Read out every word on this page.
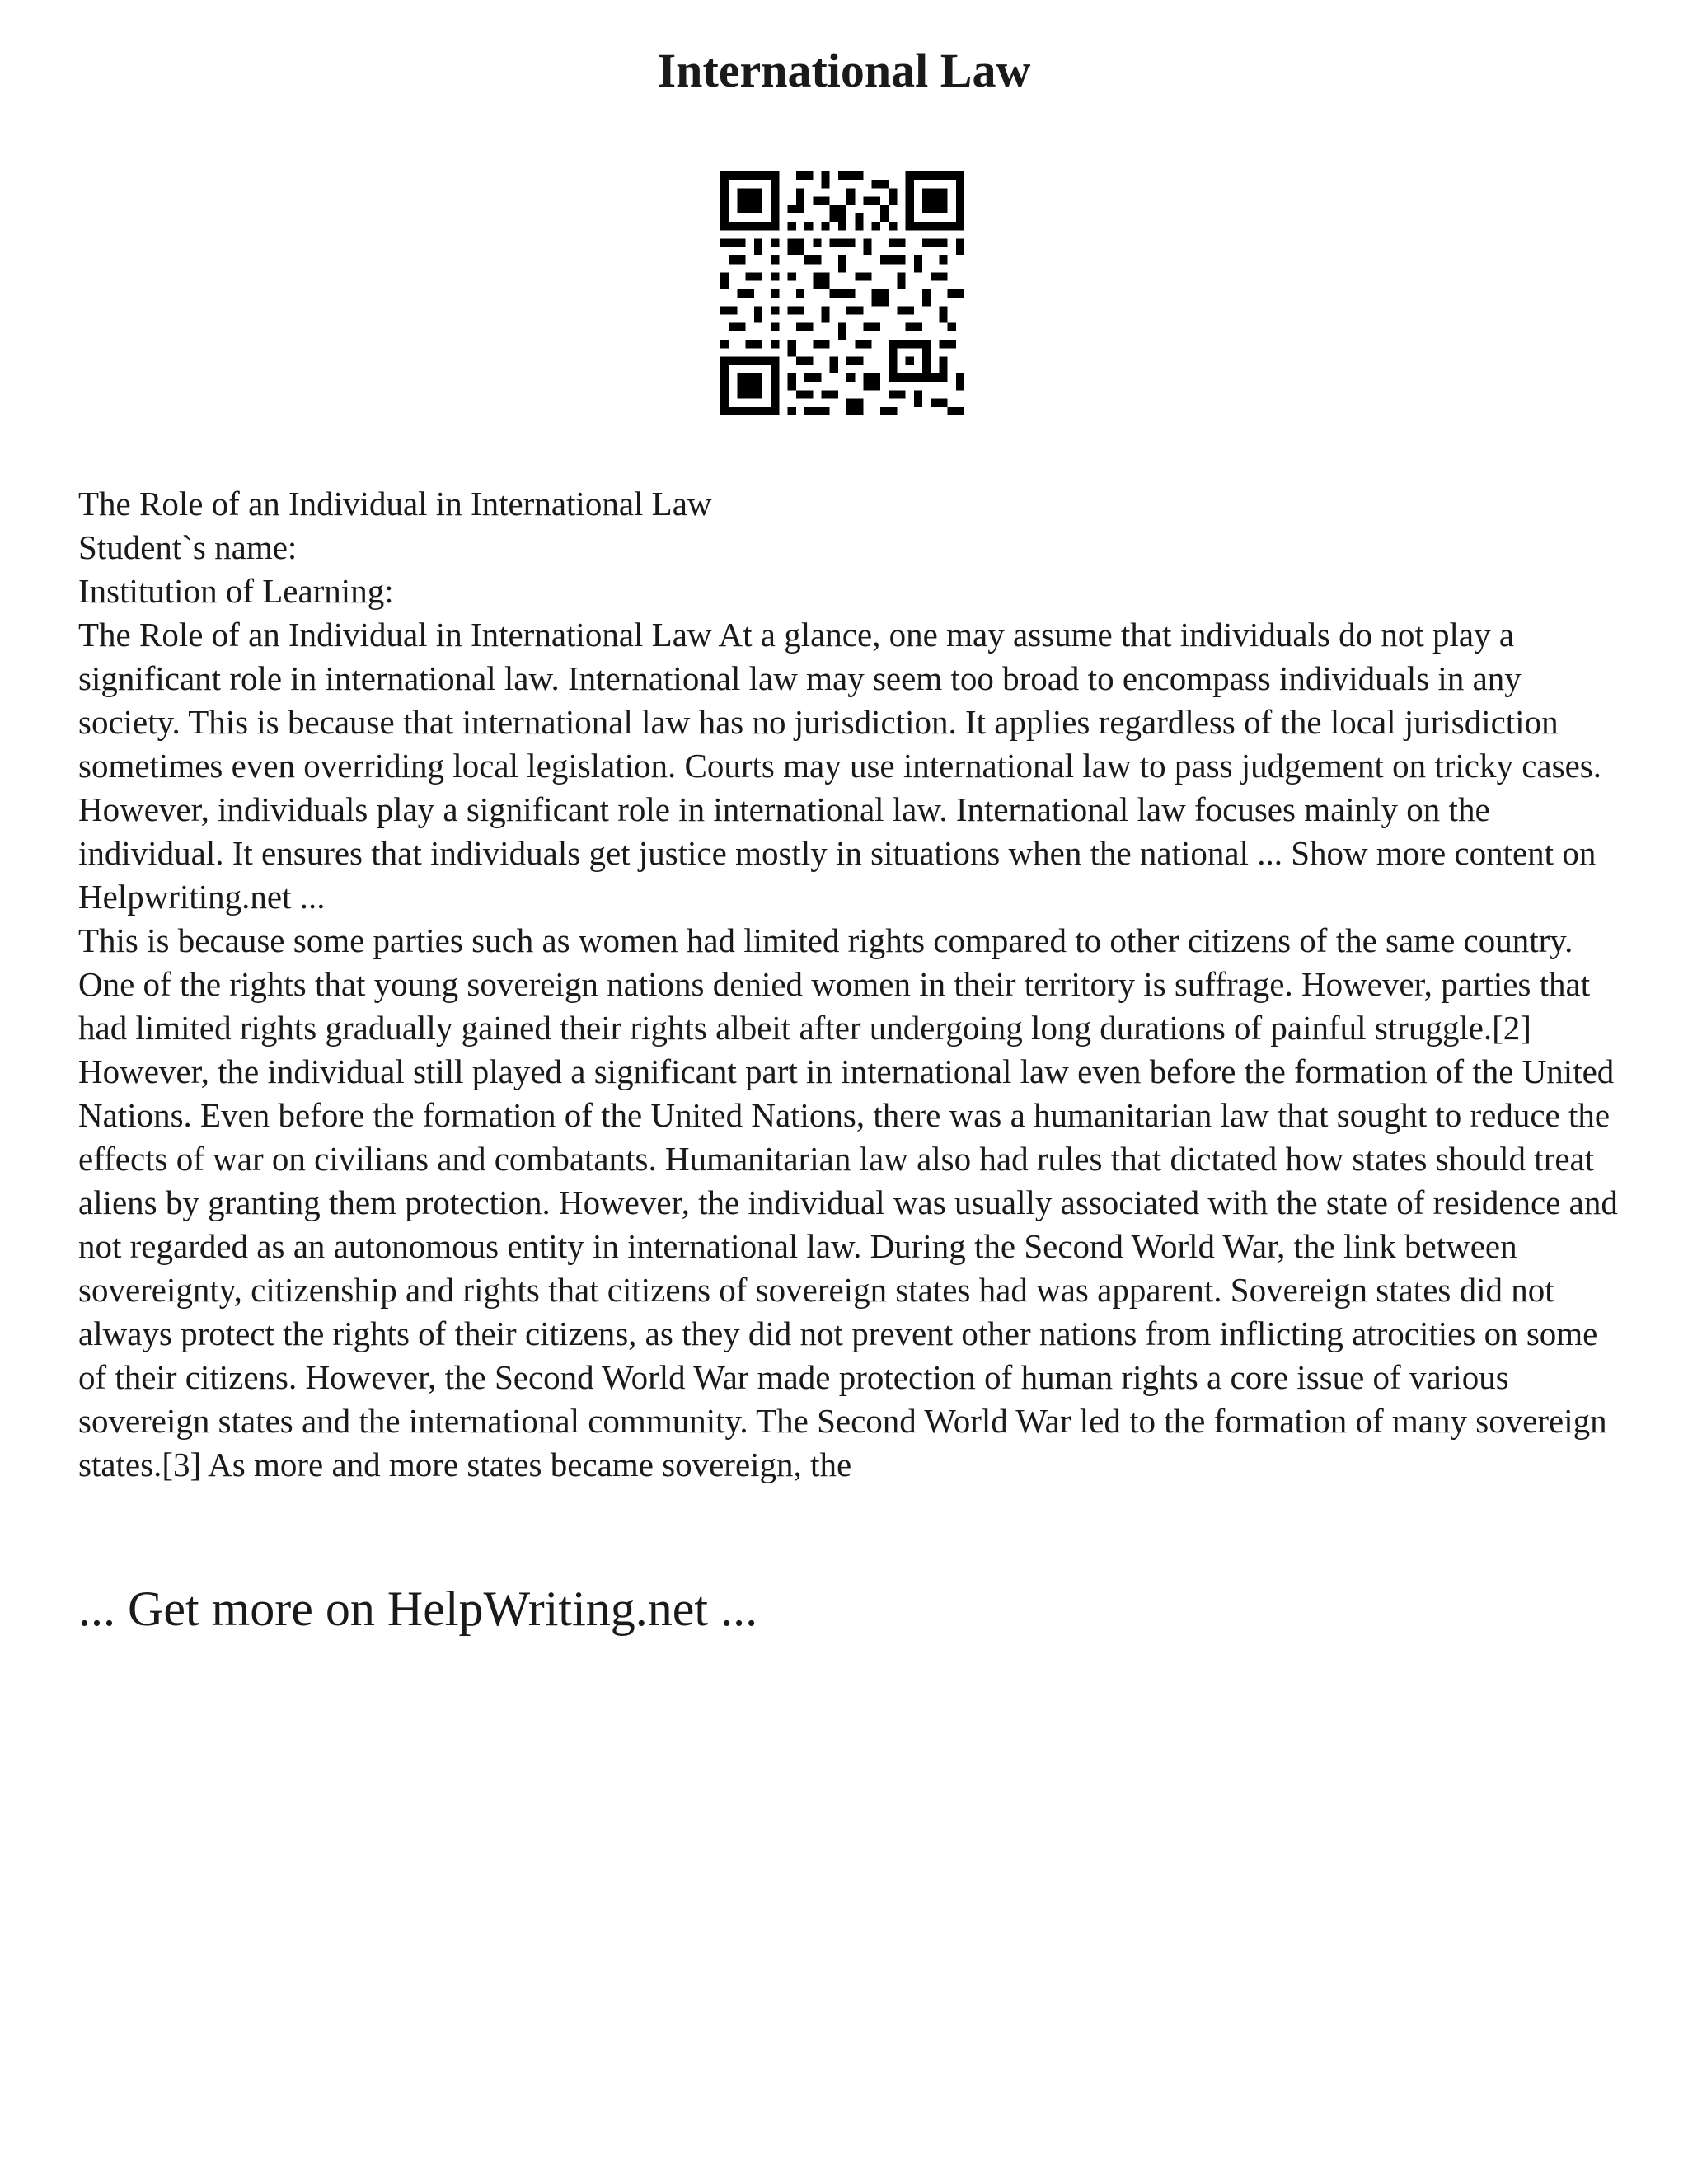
International Law
The Role of an Individual in International Law
Student`s name:
Institution of Learning:

The Role of an Individual in International Law At a glance, one may assume that individuals do not play a significant role in international law. International law may seem too broad to encompass individuals in any society. This is because that international law has no jurisdiction. It applies regardless of the local jurisdiction sometimes even overriding local legislation. Courts may use international law to pass judgement on tricky cases. However, individuals play a significant role in international law. International law focuses mainly on the individual. It ensures that individuals get justice mostly in situations when the national ... Show more content on Helpwriting.net ...

This is because some parties such as women had limited rights compared to other citizens of the same country. One of the rights that young sovereign nations denied women in their territory is suffrage. However, parties that had limited rights gradually gained their rights albeit after undergoing long durations of painful struggle.[2] However, the individual still played a significant part in international law even before the formation of the United Nations. Even before the formation of the United Nations, there was a humanitarian law that sought to reduce the effects of war on civilians and combatants. Humanitarian law also had rules that dictated how states should treat aliens by granting them protection. However, the individual was usually associated with the state of residence and not regarded as an autonomous entity in international law. During the Second World War, the link between sovereignty, citizenship and rights that citizens of sovereign states had was apparent. Sovereign states did not always protect the rights of their citizens, as they did not prevent other nations from inflicting atrocities on some of their citizens. However, the Second World War made protection of human rights a core issue of various sovereign states and the international community. The Second World War led to the formation of many sovereign states.[3] As more and more states became sovereign, the

... Get more on HelpWriting.net ...
